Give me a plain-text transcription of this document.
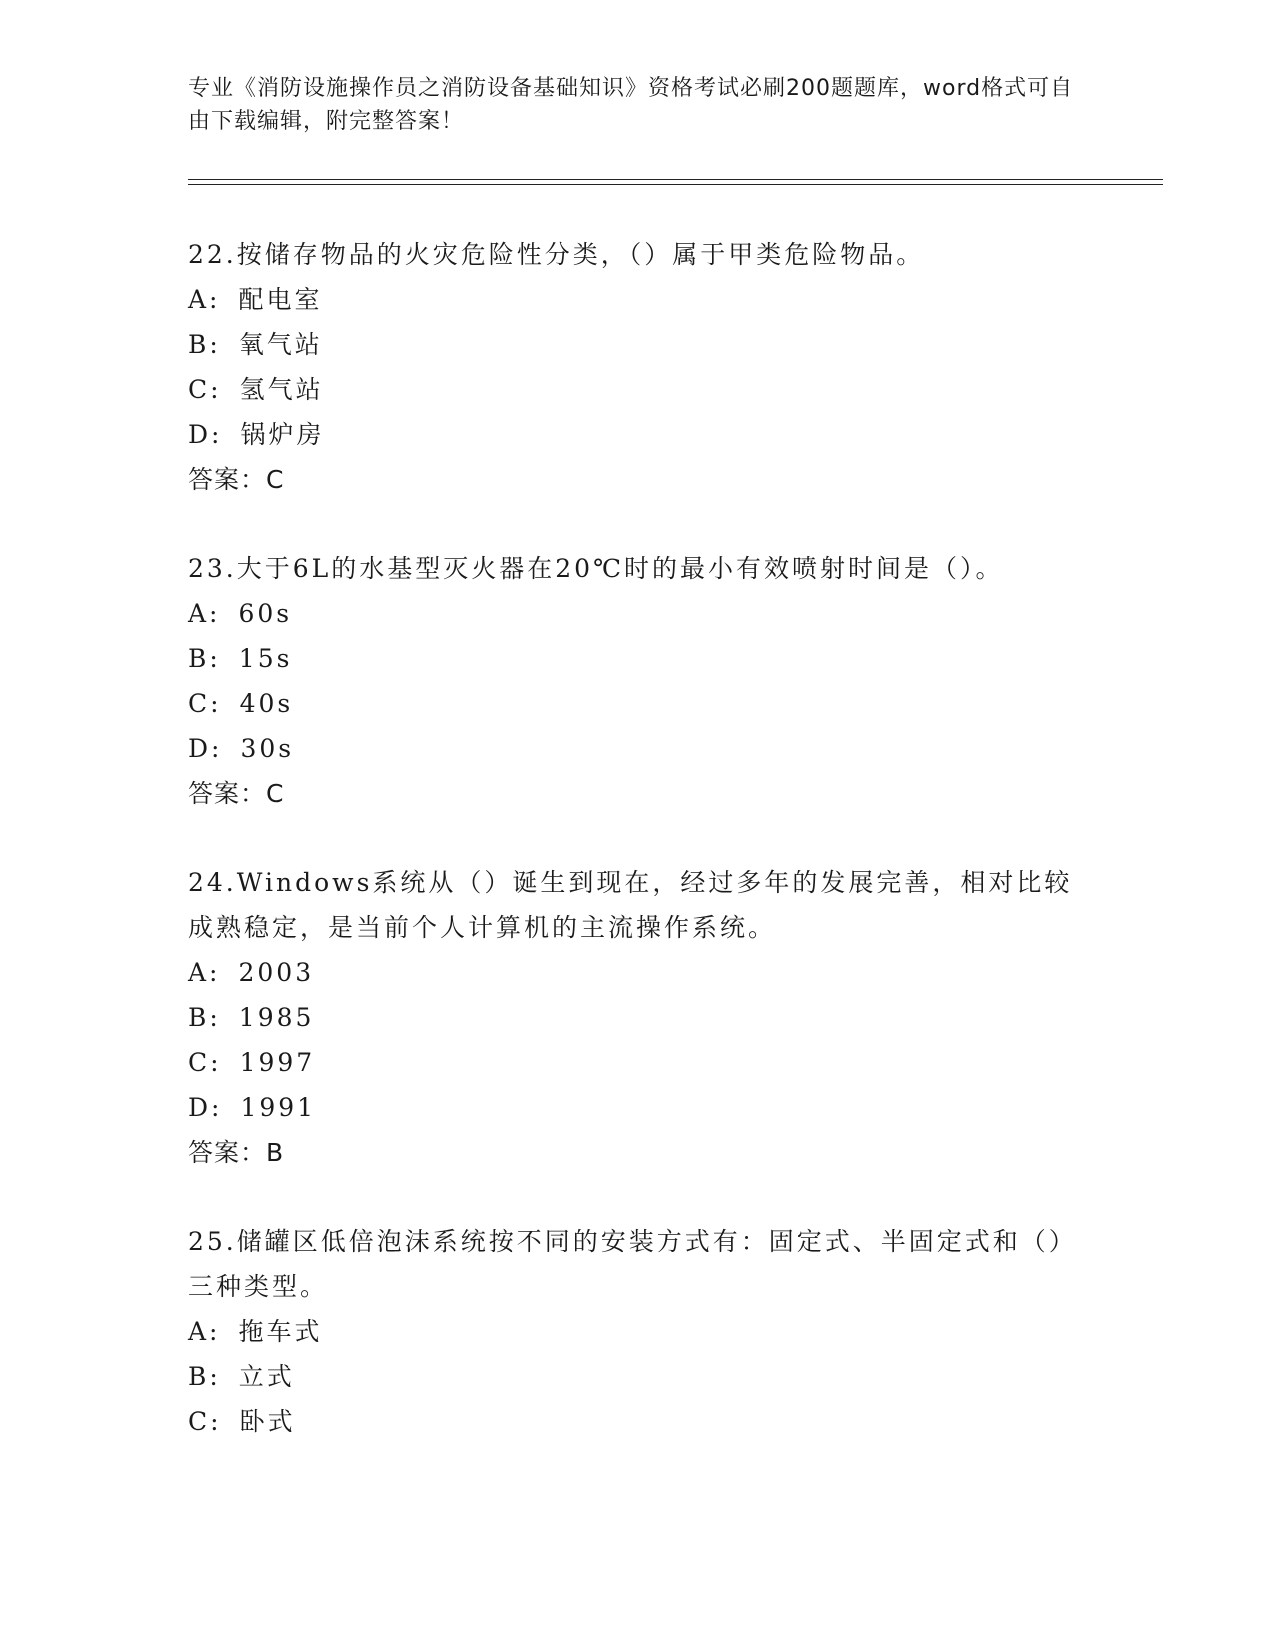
专业《消防设施操作员之消防设备基础知识》资格考试必刷200题题库，word格式可自由下载编辑，附完整答案！

22.按储存物品的火灾危险性分类，（）属于甲类危险物品。

A: 配电室

B: 氧气站

C: 氢气站

D: 锅炉房

答案：C

23.大于6L的水基型灭火器在20℃时的最小有效喷射时间是（）。

A: 60s

B: 15s

C: 40s

D: 30s

答案：C

24.Windows系统从（）诞生到现在，经过多年的发展完善，相对比较成熟稳定，是当前个人计算机的主流操作系统。

A: 2003

B: 1985

C: 1997

D: 1991

答案：B

25.储罐区低倍泡沫系统按不同的安装方式有：固定式、半固定式和（）三种类型。

A: 拖车式

B: 立式

C: 卧式
